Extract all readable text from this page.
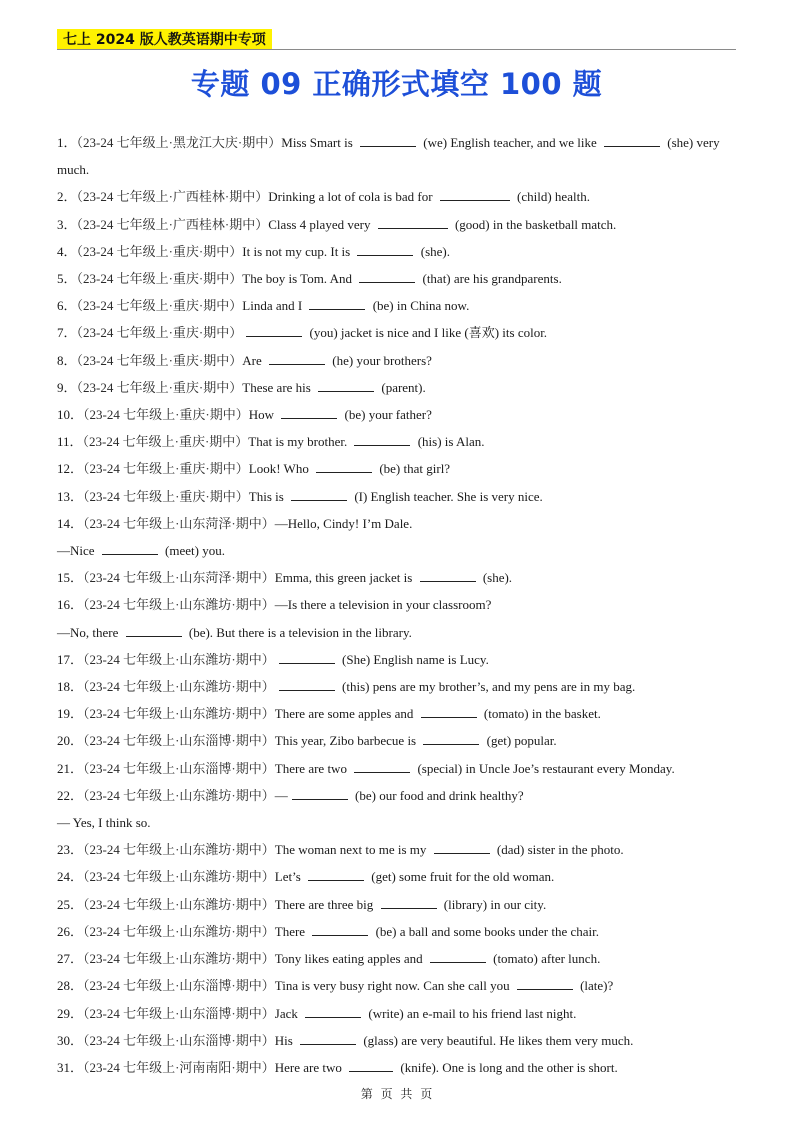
七上 2024 版人教英语期中专项
专题 09 正确形式填空 100 题
1．（23-24 七年级上·黑龙江大庆·期中）Miss Smart is	(we) English teacher, and we like	(she) very much.
2．（23-24 七年级上·广西桂林·期中）Drinking a lot of cola is bad for	(child) health.
3．（23-24 七年级上·广西桂林·期中）Class 4 played very	(good) in the basketball match.
4．（23-24 七年级上·重庆·期中）It is not my cup. It is	(she).
5．（23-24 七年级上·重庆·期中）The boy is Tom. And	(that) are his grandparents.
6．（23-24 七年级上·重庆·期中）Linda and I	(be) in China now.
7．（23-24 七年级上·重庆·期中）	(you) jacket is nice and I like (喜欢) its color.
8．（23-24 七年级上·重庆·期中）Are	(he) your brothers?
9．（23-24 七年级上·重庆·期中）These are his	(parent).
10．（23-24 七年级上·重庆·期中）How	(be) your father?
11．（23-24 七年级上·重庆·期中）That is my brother.	(his) is Alan.
12．（23-24 七年级上·重庆·期中）Look! Who	(be) that girl?
13．（23-24 七年级上·重庆·期中）This is	(I) English teacher. She is very nice.
14．（23-24 七年级上·山东菏泽·期中）—Hello, Cindy! I’m Dale.
—Nice	(meet) you.
15．（23-24 七年级上·山东菏泽·期中）Emma, this green jacket is	(she).
16．（23-24 七年级上·山东潍坊·期中）—Is there a television in your classroom?
—No, there	(be). But there is a television in the library.
17．（23-24 七年级上·山东潍坊·期中）	(She) English name is Lucy.
18．（23-24 七年级上·山东潍坊·期中）	(this) pens are my brother’s, and my pens are in my bag.
19．（23-24 七年级上·山东潍坊·期中）There are some apples and	(tomato) in the basket.
20．（23-24 七年级上·山东淄博·期中）This year, Zibo barbecue is	(get) popular.
21．（23-24 七年级上·山东淄博·期中）There are two	(special) in Uncle Joe’s restaurant every Monday.
22．（23-24 七年级上·山东潍坊·期中）—	(be) our food and drink healthy?
— Yes, I think so.
23．（23-24 七年级上·山东潍坊·期中）The woman next to me is my	(dad) sister in the photo.
24．（23-24 七年级上·山东潍坊·期中）Let’s	(get) some fruit for the old woman.
25．（23-24 七年级上·山东潍坊·期中）There are three big	(library) in our city.
26．（23-24 七年级上·山东潍坊·期中）There	(be) a ball and some books under the chair.
27．（23-24 七年级上·山东潍坊·期中）Tony likes eating apples and	(tomato) after lunch.
28．（23-24 七年级上·山东淄博·期中）Tina is very busy right now. Can she call you	(late)?
29．（23-24 七年级上·山东淄博·期中）Jack	(write) an e-mail to his friend last night.
30．（23-24 七年级上·山东淄博·期中）His	(glass) are very beautiful. He likes them very much.
31．（23-24 七年级上·河南南阳·期中）Here are two	(knife). One is long and the other is short.
第 页 共 页
